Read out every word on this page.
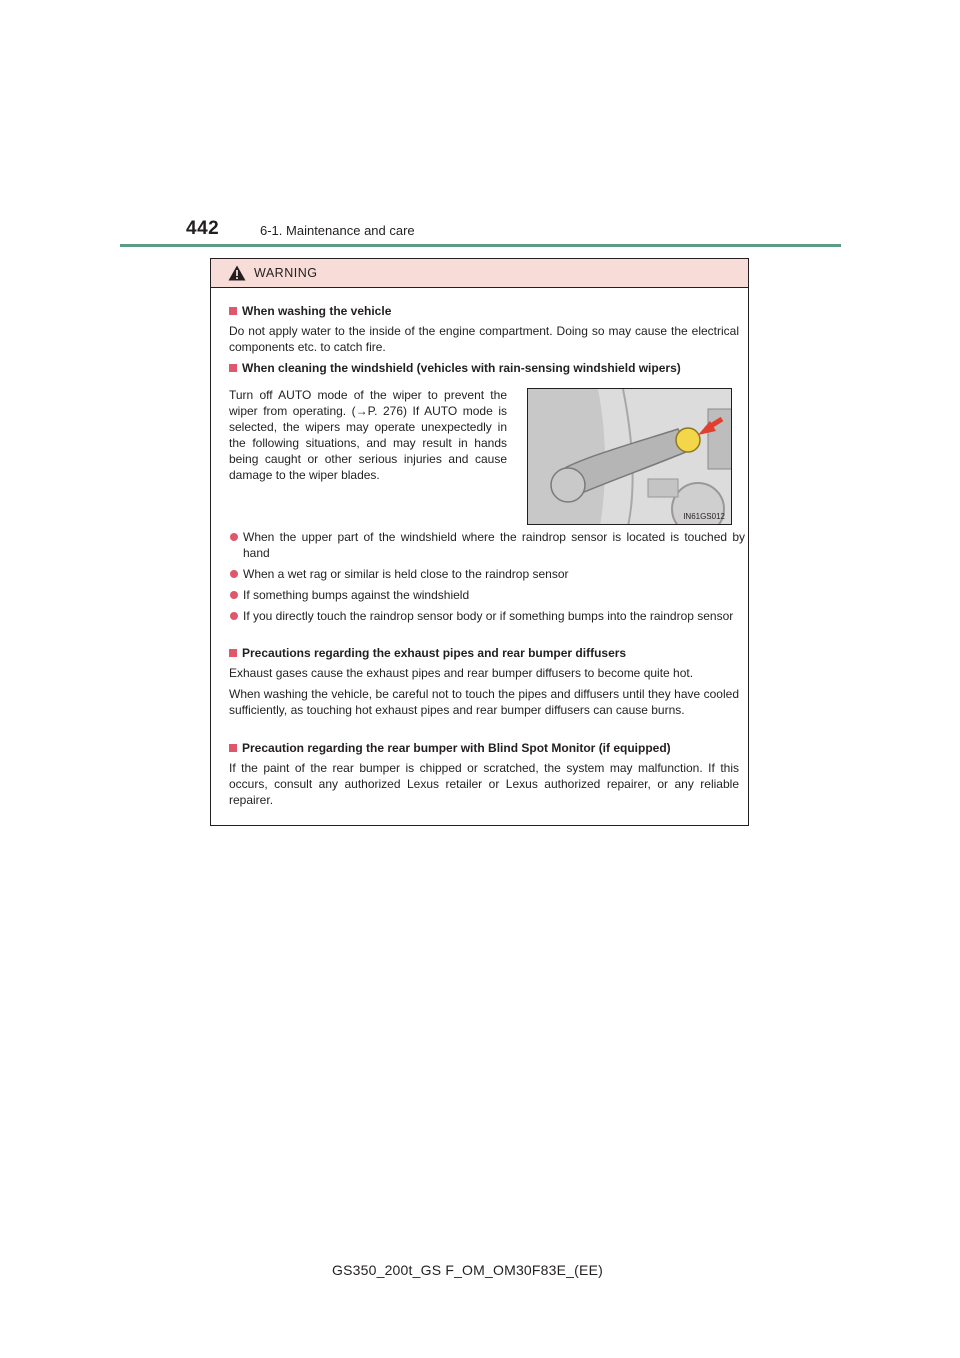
442	6-1. Maintenance and care
WARNING
When washing the vehicle
Do not apply water to the inside of the engine compartment. Doing so may cause the electrical components etc. to catch fire.
When cleaning the windshield (vehicles with rain-sensing windshield wipers)
Turn off AUTO mode of the wiper to prevent the wiper from operating. (→P. 276) If AUTO mode is selected, the wipers may operate unexpectedly in the following situations, and may result in hands being caught or other serious injuries and cause damage to the wiper blades.
IN61GS012
When the upper part of the windshield where the raindrop sensor is located is touched by hand
When a wet rag or similar is held close to the raindrop sensor
If something bumps against the windshield
If you directly touch the raindrop sensor body or if something bumps into the raindrop sensor
Precautions regarding the exhaust pipes and rear bumper diffusers
Exhaust gases cause the exhaust pipes and rear bumper diffusers to become quite hot.
When washing the vehicle, be careful not to touch the pipes and diffusers until they have cooled sufficiently, as touching hot exhaust pipes and rear bumper diffusers can cause burns.
Precaution regarding the rear bumper with Blind Spot Monitor (if equipped)
If the paint of the rear bumper is chipped or scratched, the system may malfunction. If this occurs, consult any authorized Lexus retailer or Lexus authorized repairer, or any reliable repairer.
GS350_200t_GS F_OM_OM30F83E_(EE)
